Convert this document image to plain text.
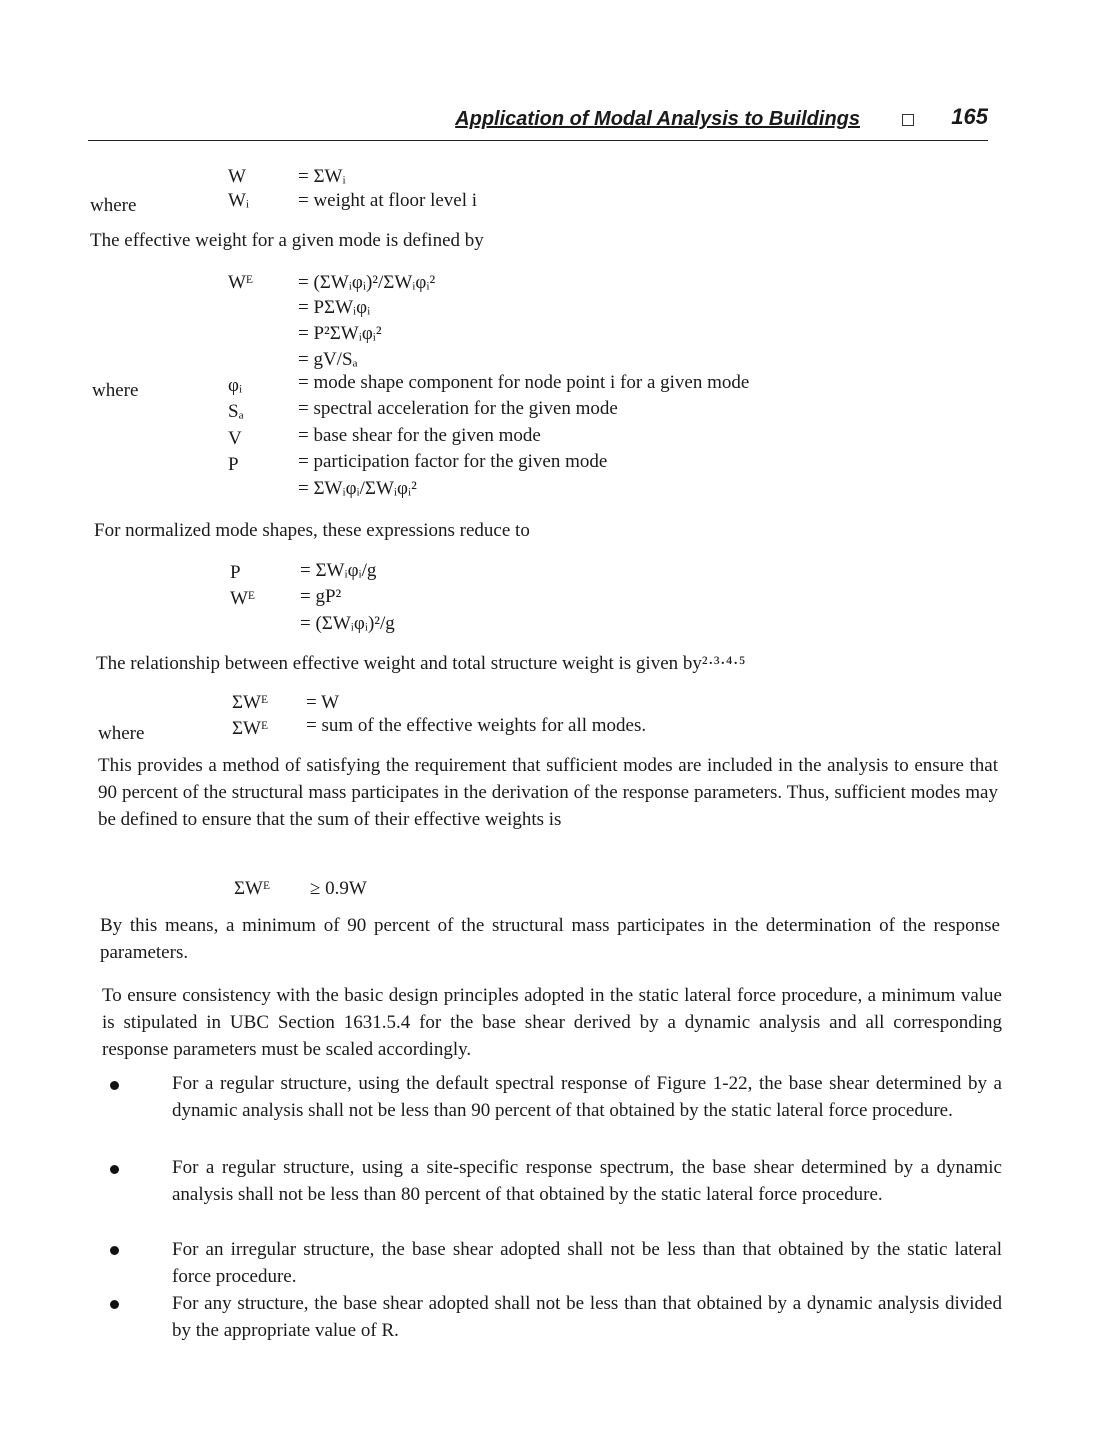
Application of Modal Analysis to Buildings	165
W	= ΣWᵢ
where	Wᵢ	= weight at floor level i
The effective weight for a given mode is defined by
Wᴱ = (ΣWᵢφᵢ)²/ΣWᵢφᵢ²
= PΣWᵢφᵢ
= P²ΣWᵢφᵢ²
= gV/Sₐ
where	φᵢ	= mode shape component for node point i for a given mode
Sₐ	= spectral acceleration for the given mode
V	= base shear for the given mode
P	= participation factor for the given mode
= ΣWᵢφᵢ/ΣWᵢφᵢ²
For normalized mode shapes, these expressions reduce to
P	= ΣWᵢφᵢ/g
Wᴱ = gP²
= (ΣWᵢφᵢ)²/g
The relationship between effective weight and total structure weight is given by²·³·⁴·⁵
ΣWᴱ = W
where	ΣWᴱ = sum of the effective weights for all modes.
This provides a method of satisfying the requirement that sufficient modes are included in the analysis to ensure that 90 percent of the structural mass participates in the derivation of the response parameters. Thus, sufficient modes may be defined to ensure that the sum of their effective weights is
ΣWᴱ ≥ 0.9W
By this means, a minimum of 90 percent of the structural mass participates in the determination of the response parameters.
To ensure consistency with the basic design principles adopted in the static lateral force procedure, a minimum value is stipulated in UBC Section 1631.5.4 for the base shear derived by a dynamic analysis and all corresponding response parameters must be scaled accordingly.
For a regular structure, using the default spectral response of Figure 1-22, the base shear determined by a dynamic analysis shall not be less than 90 percent of that obtained by the static lateral force procedure.
For a regular structure, using a site-specific response spectrum, the base shear determined by a dynamic analysis shall not be less than 80 percent of that obtained by the static lateral force procedure.
For an irregular structure, the base shear adopted shall not be less than that obtained by the static lateral force procedure.
For any structure, the base shear adopted shall not be less than that obtained by a dynamic analysis divided by the appropriate value of R.
